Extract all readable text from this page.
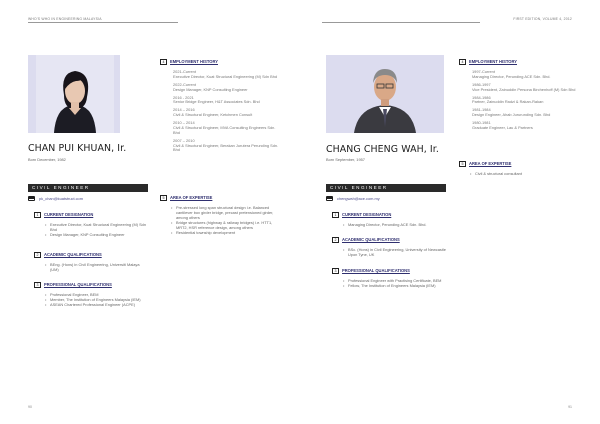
WHO'S WHO IN ENGINEERING MALAYSIA
CHAN PUI KHUAN, Ir.
Born December, 1982
CIVIL ENGINEER
pk_chan@kuatstruct.com
1	CURRENT DESIGNATION
• Executive Director, Kuat Structural Engineering (M) Sdn Bhd
• Design Manager, KNP Consulting Engineer
2	ACADEMIC QUALIFICATIONS
• BEng. (Hons) in Civil Engineering, Universiti Malaya (UM)
3	PROFESSIONAL QUALIFICATIONS
• Professional Engineer, BEM
• Member, The Institution of Engineers Malaysia (IEM)
• ASEAN Chartered Professional Engineer (ACPE)
4	EMPLOYMENT HISTORY
2021-Current
Executive Director, Kuat Structural Engineering (M) Sdn Bhd
2022-Current
Design Manager, KNP Consulting Engineer
2016 - 2021
Senior Bridge Engineer, H&T Associates Sdn. Bhd
2014 – 2016
Civil & Structural Engineer, Ketchmen Consult
2010 – 2014
Civil & Structural Engineer, MVA Consulting Engineers Sdn. Bhd
2007 – 2010
Civil & Structural Engineer, Berakan Jurutera Perunding Sdn. Bhd
5	AREA OF EXPERTISE
• Pre-stressed long span structural design i.e. Balanced cantilever box girder bridge, precast pretensioned girder, among others
• Bridge structures (highway & railway bridges) i.e. HTT1, MRT2, HSR reference design, among others
• Residential township development
90
FIRST EDITION, VOLUME 4, 2012
CHANG CHENG WAH, Ir.
Born September, 1957
CIVIL ENGINEER
chengwah@ace.com.my
1	CURRENT DESIGNATION
• Managing Director, Perunding ACE Sdn. Bhd.
2	ACADEMIC QUALIFICATIONS
• BSc. (Hons) in Civil Engineering, University of Newcastle Upon Tyne, UK
3	PROFESSIONAL QUALIFICATIONS
• Professional Engineer with Practising Certificate, BEM
• Fellow, The Institution of Engineers Malaysia (IEM)
4	EMPLOYMENT HISTORY
1997-Current
Managing Director, Perunding ACE Sdn. Bhd.
1986-1997
Vice President, Zainuddin Persona Birchenhoff (M) Sdn Bhd
1984-1986
Partner, Zainuddin Radzi & Rakan-Rakan
1981-1984
Design Engineer, Ahab Jururunding Sdn. Bhd
1980-1981
Graduate Engineer, Lau & Partners
5	AREA OF EXPERTISE
• Civil & structural consultant
91
